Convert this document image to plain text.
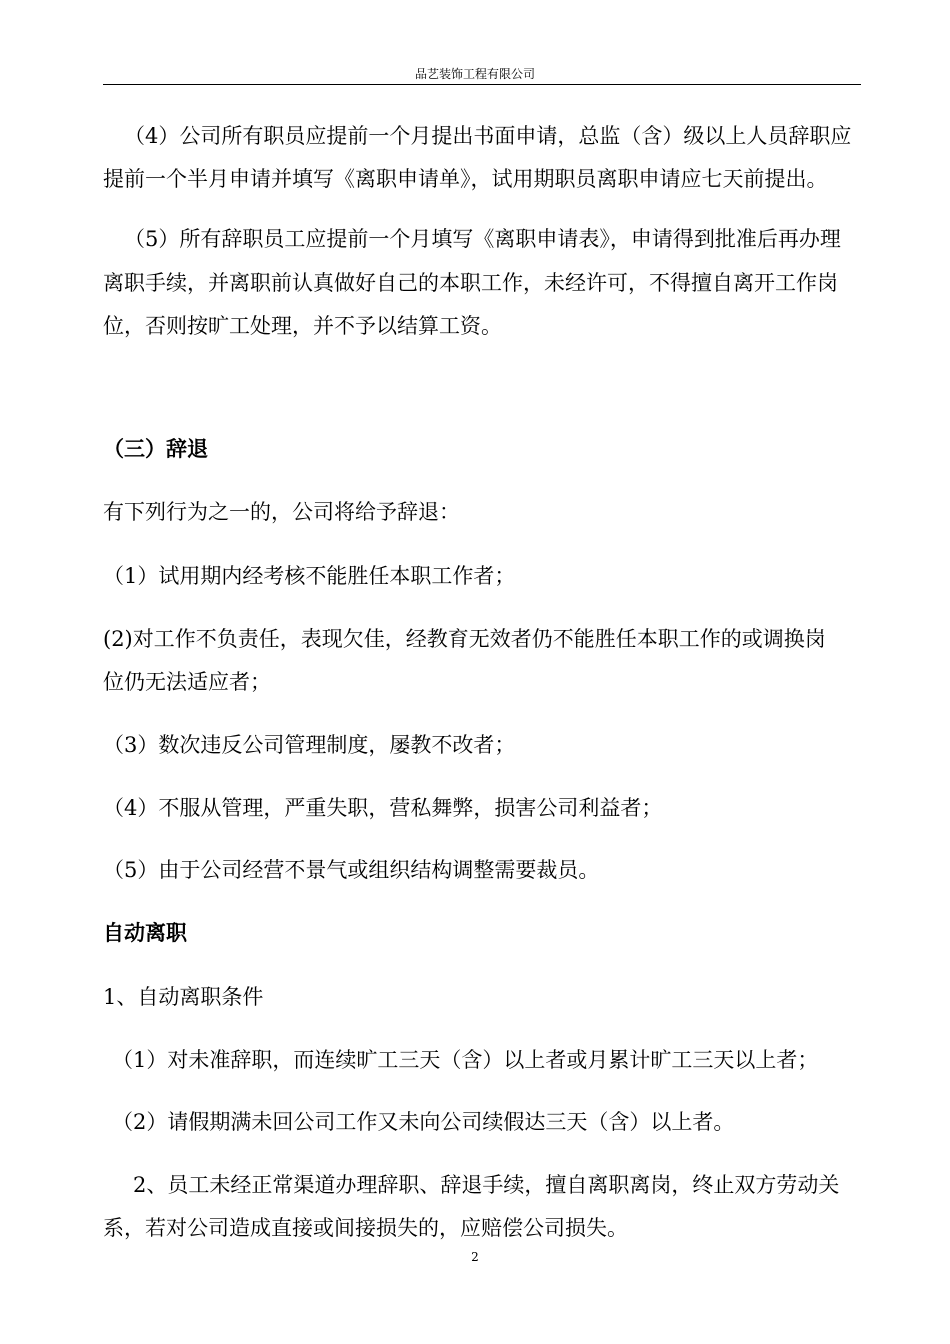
品艺装饰工程有限公司
（4）公司所有职员应提前一个月提出书面申请，总监（含）级以上人员辞职应
提前一个半月申请并填写《离职申请单》，试用期职员离职申请应七天前提出。
（5）所有辞职员工应提前一个月填写《离职申请表》，申请得到批准后再办理
离职手续，并离职前认真做好自己的本职工作，未经许可，不得擅自离开工作岗
位，否则按旷工处理，并不予以结算工资。
（三）辞退
有下列行为之一的，公司将给予辞退：
（1）试用期内经考核不能胜任本职工作者；
(2)对工作不负责任，表现欠佳，经教育无效者仍不能胜任本职工作的或调换岗
位仍无法适应者；
（3）数次违反公司管理制度，屡教不改者；
（4）不服从管理，严重失职，营私舞弊，损害公司利益者；
（5）由于公司经营不景气或组织结构调整需要裁员。
自动离职
1、自动离职条件
（1）对未准辞职，而连续旷工三天（含）以上者或月累计旷工三天以上者；
（2）请假期满未回公司工作又未向公司续假达三天（含）以上者。
2、员工未经正常渠道办理辞职、辞退手续，擅自离职离岗，终止双方劳动关
系，若对公司造成直接或间接损失的，应赔偿公司损失。
2
